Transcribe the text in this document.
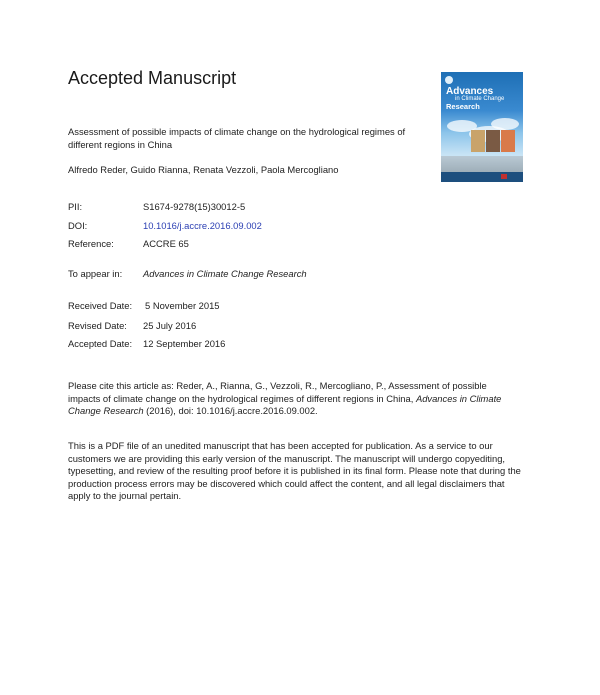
Accepted Manuscript
Advances
in Climate Change
Research
Assessment of possible impacts of climate change on the hydrological regimes of different regions in China
Alfredo Reder, Guido Rianna, Renata Vezzoli, Paola Mercogliano
PII:	S1674-9278(15)30012-5
DOI:	10.1016/j.accre.2016.09.002
Reference:	ACCRE 65
To appear in:	Advances in Climate Change Research
Received Date:	5 November 2015
Revised Date:	25 July 2016
Accepted Date:	12 September 2016
Please cite this article as: Reder, A., Rianna, G., Vezzoli, R., Mercogliano, P., Assessment of possible impacts of climate change on the hydrological regimes of different regions in China, Advances in Climate Change Research (2016), doi: 10.1016/j.accre.2016.09.002.
This is a PDF file of an unedited manuscript that has been accepted for publication. As a service to our customers we are providing this early version of the manuscript. The manuscript will undergo copyediting, typesetting, and review of the resulting proof before it is published in its final form. Please note that during the production process errors may be discovered which could affect the content, and all legal disclaimers that apply to the journal pertain.
